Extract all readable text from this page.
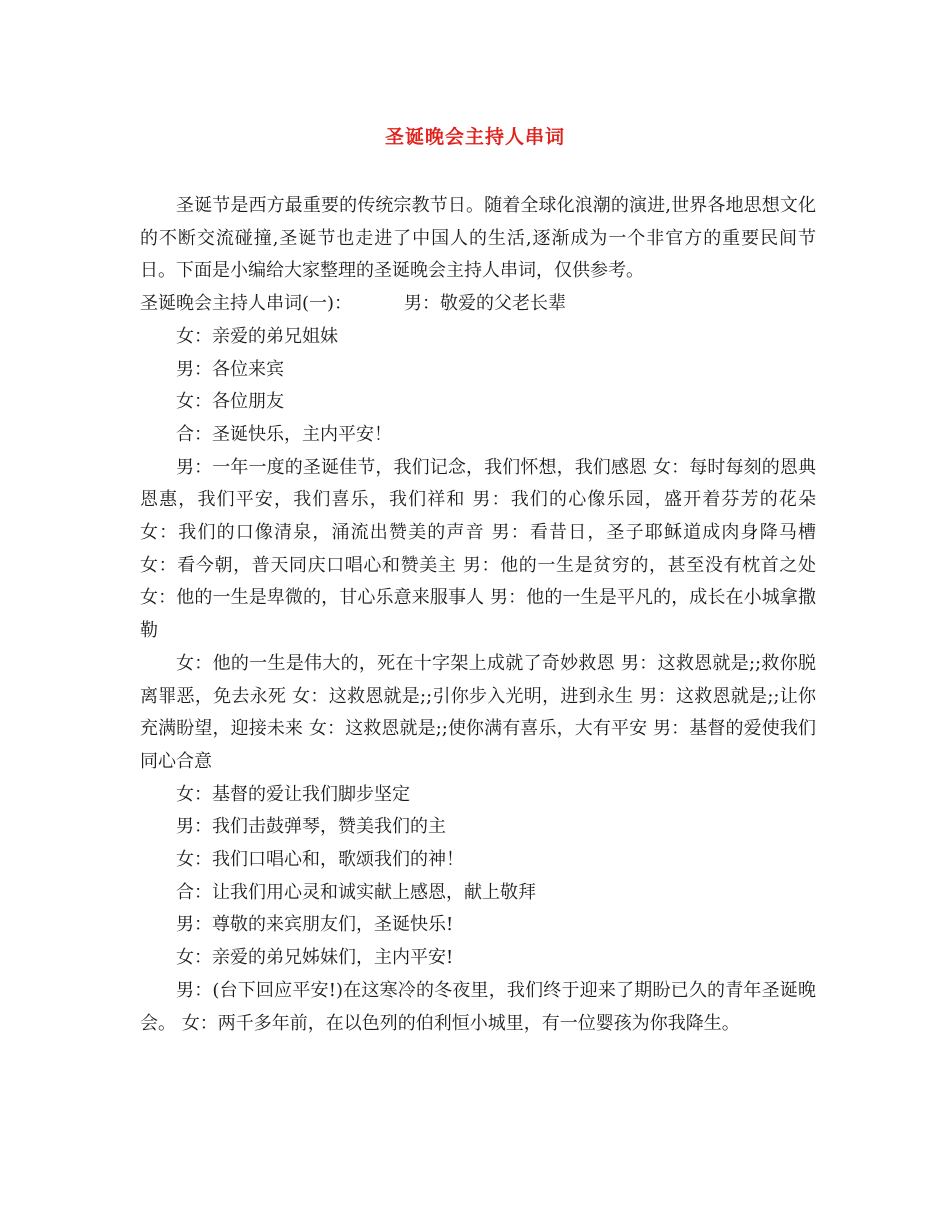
圣诞晚会主持人串词

圣诞节是西方最重要的传统宗教节日。随着全球化浪潮的演进,世界各地思想文化的不断交流碰撞,圣诞节也走进了中国人的生活,逐渐成为一个非官方的重要民间节日。下面是小编给大家整理的圣诞晚会主持人串词，仅供参考。

圣诞晚会主持人串词(一)：	男：敬爱的父老长辈

女：亲爱的弟兄姐妹

男：各位来宾

女：各位朋友

合：圣诞快乐，主内平安！

男：一年一度的圣诞佳节，我们记念，我们怀想，我们感恩 女：每时每刻的恩典恩惠，我们平安，我们喜乐，我们祥和 男：我们的心像乐园，盛开着芬芳的花朵 女：我们的口像清泉，涌流出赞美的声音 男：看昔日，圣子耶稣道成肉身降马槽 女：看今朝，普天同庆口唱心和赞美主 男：他的一生是贫穷的，甚至没有枕首之处 女：他的一生是卑微的，甘心乐意来服事人 男：他的一生是平凡的，成长在小城拿撒勒

女：他的一生是伟大的，死在十字架上成就了奇妙救恩 男：这救恩就是;;救你脱离罪恶，免去永死 女：这救恩就是;;引你步入光明，进到永生 男：这救恩就是;;让你充满盼望，迎接未来 女：这救恩就是;;使你满有喜乐，大有平安 男：基督的爱使我们同心合意

女：基督的爱让我们脚步坚定

男：我们击鼓弹琴，赞美我们的主

女：我们口唱心和，歌颂我们的神！

合：让我们用心灵和诚实献上感恩，献上敬拜

男：尊敬的来宾朋友们，圣诞快乐!

女：亲爱的弟兄姊妹们，主内平安!

男：(台下回应平安!)在这寒冷的冬夜里，我们终于迎来了期盼已久的青年圣诞晚会。 女：两千多年前，在以色列的伯利恒小城里，有一位婴孩为你我降生。
